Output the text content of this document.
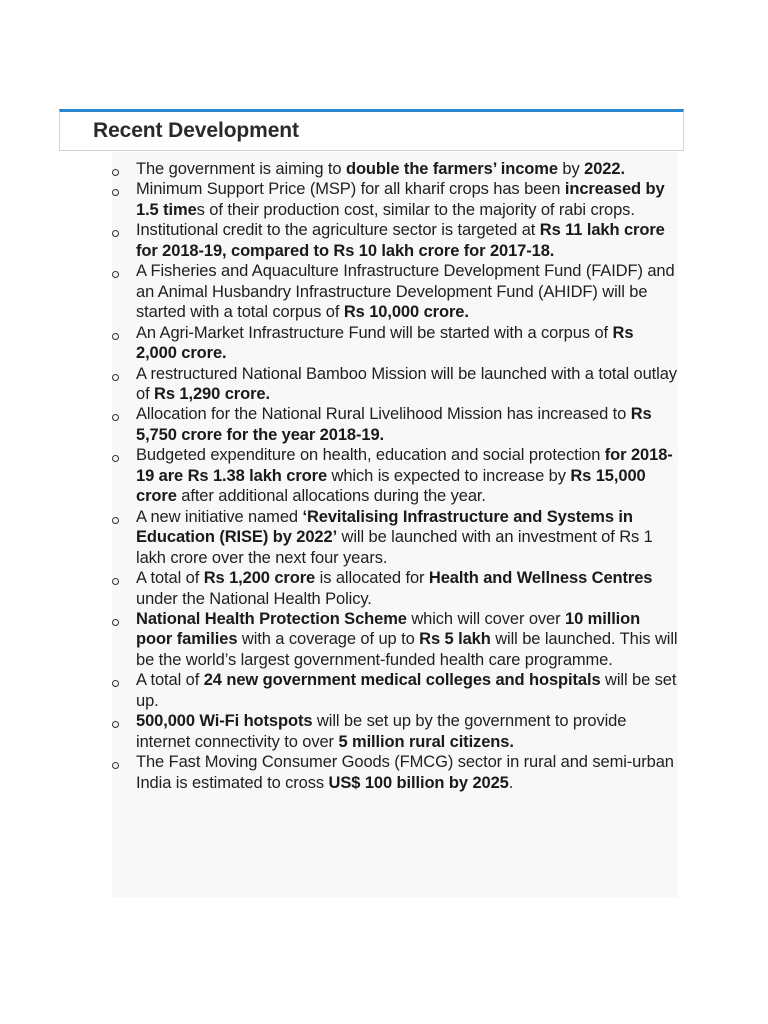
Recent Development
The government is aiming to double the farmers’ income by 2022.
Minimum Support Price (MSP) for all kharif crops has been increased by 1.5 times of their production cost, similar to the majority of rabi crops.
Institutional credit to the agriculture sector is targeted at Rs 11 lakh crore for 2018-19, compared to Rs 10 lakh crore for 2017-18.
A Fisheries and Aquaculture Infrastructure Development Fund (FAIDF) and an Animal Husbandry Infrastructure Development Fund (AHIDF) will be started with a total corpus of Rs 10,000 crore.
An Agri-Market Infrastructure Fund will be started with a corpus of Rs 2,000 crore.
A restructured National Bamboo Mission will be launched with a total outlay of Rs 1,290 crore.
Allocation for the National Rural Livelihood Mission has increased to Rs 5,750 crore for the year 2018-19.
Budgeted expenditure on health, education and social protection for 2018-19 are Rs 1.38 lakh crore which is expected to increase by Rs 15,000 crore after additional allocations during the year.
A new initiative named ‘Revitalising Infrastructure and Systems in Education (RISE) by 2022’ will be launched with an investment of Rs 1 lakh crore over the next four years.
A total of Rs 1,200 crore is allocated for Health and Wellness Centres under the National Health Policy.
National Health Protection Scheme which will cover over 10 million poor families with a coverage of up to Rs 5 lakh will be launched. This will be the world’s largest government-funded health care programme.
A total of 24 new government medical colleges and hospitals will be set up.
500,000 Wi-Fi hotspots will be set up by the government to provide internet connectivity to over 5 million rural citizens.
The Fast Moving Consumer Goods (FMCG) sector in rural and semi-urban India is estimated to cross US$ 100 billion by 2025.
